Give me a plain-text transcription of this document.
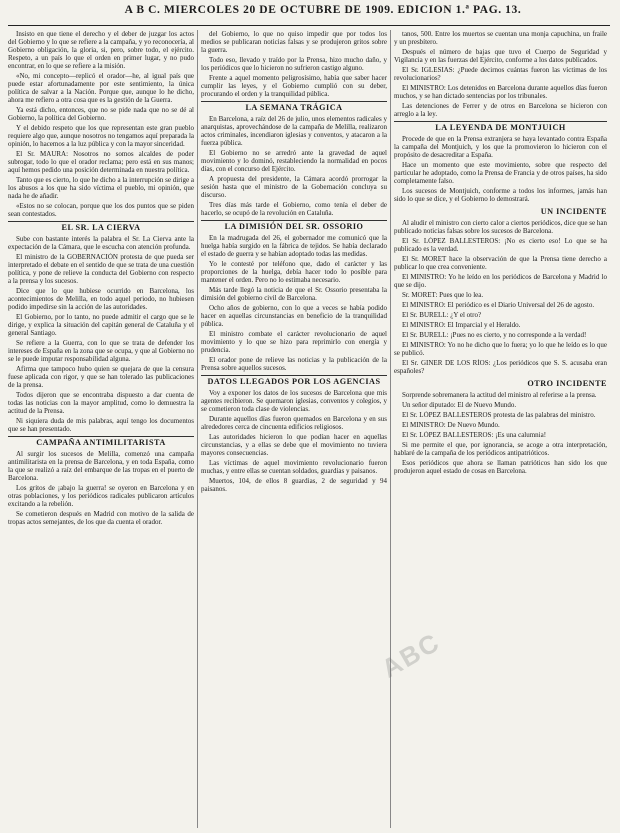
A B C. MIERCOLES 20 DE OCTUBRE DE 1909. EDICION 1.ª PAG. 13.
Insisto en que tiene el derecho y el deber de juzgar los actos del Gobierno y lo que se refiere a la campaña, y yo reconocería, al Gobierno obligación, la gloria, si, pero, sobre todo, el ejército. Respeto, a un país lo que el orden en primer lugar, y no pudo encontrar, en lo que se refiere a la misión.
«No, mi concepto—replicó el orador—he, al igual país que puede estar afortunadamente por este sentimiento, la única política de salvar a la Nación. Porque que, aunque lo he dicho, ahora me refiero a otra cosa que es la gestión de la Guerra.
Ya está dicho, entonces, que no se pide nada que no se dé al Gobierno, la política del Gobierno.
Y el debido respeto que los que representan este gran pueblo requiere algo que, aunque nosotros no tengamos aquí preparada la opinión, lo hacemos a la luz pública y con la mayor sinceridad.
El Sr. MAURA: Nosotros no somos alcaldes de poder subrogar, todo lo que el orador reclama; pero está en sus manos; aquí hemos pedido una posición determinada en nuestra política.
Tanto que es cierto, lo que he dicho a la interrupción se dirige a los abusos a los que ha sido víctima el pueblo, mi opinión, que nada he de añadir.
«Estos no se colocan, porque que los dos puntos que se piden sean contestados.
EL SR. LA CIERVA
Sube con bastante interés la palabra el Sr. La Cierva ante la expectación de la Cámara, que le escucha con atención profunda.
El ministro de la GOBERNACIÓN protesta de que pueda ser interpretado el debate en el sentido de que se trata de una cuestión política, y pone de relieve la conducta del Gobierno con respecto a la prensa y los sucesos.
Dice que lo que hubiese ocurrido en Barcelona, los acontecimientos de Melilla, en todo aquel periodo, no hubiesen podido impedirse sin la acción de las autoridades.
El Gobierno, por lo tanto, no puede admitir el cargo que se le dirige, y explica la situación del capitán general de Cataluña y el general Santiago.
Se refiere a la Guerra, con lo que se trata de defender los intereses de España en la zona que se ocupa, y que al Gobierno no se le puede imputar responsabilidad alguna.
Afirma que tampoco hubo quien se quejara de que la censura fuese aplicada con rigor, y que se han tolerado las publicaciones de la prensa.
Todos dijeron que se encontraba dispuesto a dar cuenta de todas las noticias con la mayor amplitud, como lo demuestra la actitud de la Prensa.
Ni siquiera duda de mis palabras, aquí tengo los documentos que se han presentado.
CAMPAÑA ANTIMILITARISTA
Al surgir los sucesos de Melilla, comenzó una campaña antimilitarista en la prensa de Barcelona, y en toda España, como la que se realizó a raíz del embarque de las tropas en el puerto de Barcelona.
Los gritos de ¡abajo la guerra! se oyeron en Barcelona y en otras poblaciones, y los periódicos radicales publicaron artículos excitando a la rebelión.
Se cometieron después en Madrid con motivo de la salida de tropas actos semejantes, de los que da cuenta el orador.
del Gobierno, lo que no quiso impedir que por todos los medios se publicaran noticias falsas y se produjeron gritos sobre la guerra.
Todo eso, llevado y traído por la Prensa, hizo mucho daño, y los periódicos que lo hicieron no sufrieron castigo alguno.
Frente a aquel momento peligrosísimo, había que saber hacer cumplir las leyes, y el Gobierno cumplió con su deber, procurando el orden y la tranquilidad pública.
LA SEMANA TRÁGICA
En Barcelona, a raíz del 26 de julio, unos elementos radicales y anarquistas, aprovechándose de la campaña de Melilla, realizaron actos criminales, incendiaron iglesias y conventos, y atacaron a la fuerza pública.
El Gobierno no se arredró ante la gravedad de aquel movimiento y lo dominó, restableciendo la normalidad en pocos días, con el concurso del Ejército.
A propuesta del presidente, la Cámara acordó prorrogar la sesión hasta que el ministro de la Gobernación concluya su discurso.
Tres días más tarde el Gobierno, como tenía el deber de hacerlo, se ocupó de la revolución en Cataluña.
LA DIMISIÓN DEL SR. OSSORIO
En la madrugada del 26, el gobernador me comunicó que la huelga había surgido en la fábrica de tejidos. Se había declarado el estado de guerra y se habían adoptado todas las medidas.
Yo le contesté por teléfono que, dado el carácter y las proporciones de la huelga, debía hacer todo lo posible para mantener el orden. Pero no lo estimaba necesario.
Más tarde llegó la noticia de que el Sr. Ossorio presentaba la dimisión del gobierno civil de Barcelona.
Ocho años de gobierno, con lo que a veces se había podido hacer en aquellas circunstancias en beneficio de la tranquilidad pública.
El ministro combate el carácter revolucionario de aquel movimiento y lo que se hizo para reprimirlo con energía y prudencia.
El orador pone de relieve las noticias y la publicación de la Prensa sobre aquellos sucesos.
DATOS LLEGADOS POR LOS AGENCIAS
Voy a exponer los datos de los sucesos de Barcelona que mis agentes recibieron. Se quemaron iglesias, conventos y colegios, y se cometieron toda clase de violencias.
Durante aquellos días fueron quemados en Barcelona y en sus alrededores cerca de cincuenta edificios religiosos.
Las autoridades hicieron lo que podían hacer en aquellas circunstancias, y a ellas se debe que el movimiento no tuviera mayores consecuencias.
Las víctimas de aquel movimiento revolucionario fueron muchas, y entre ellas se cuentan soldados, guardias y paisanos.
Muertos, 104, de ellos 8 guardias, 2 de seguridad y 94 paisanos.
tanos, 500. Entre los muertos se cuentan una monja capuchina, un fraile y un presbítero.
Después el número de bajas que tuvo el Cuerpo de Seguridad y Vigilancia y en las fuerzas del Ejército, conforme a los datos publicados.
El Sr. IGLESIAS: ¿Puede decirnos cuántas fueron las víctimas de los revolucionarios?
El MINISTRO: Los detenidos en Barcelona durante aquellos días fueron muchos, y se han dictado sentencias por los tribunales.
Las detenciones de Ferrer y de otros en Barcelona se hicieron con arreglo a la ley.
LA LEYENDA DE MONTJUICH
Procede de que en la Prensa extranjera se haya levantado contra España la campaña del Montjuich, y los que la promovieron lo hicieron con el propósito de desacreditar a España.
Hace un momento que este movimiento, sobre que respecto del particular he adoptado, como la Prensa de Francia y de otros países, ha sido completamente falso.
Los sucesos de Montjuich, conforme a todos los informes, jamás han sido lo que se dice, y el Gobierno lo demostrará.
UN INCIDENTE
Al aludir el ministro con cierto calor a ciertos periódicos, dice que se han publicado noticias falsas sobre los sucesos de Barcelona.
El Sr. LÓPEZ BALLESTEROS: ¡No es cierto eso! Lo que se ha publicado es la verdad.
El Sr. MORET hace la observación de que la Prensa tiene derecho a publicar lo que crea conveniente.
El MINISTRO: Yo he leído en los periódicos de Barcelona y Madrid lo que se dijo.
Sr. MORET: Pues que lo lea.
El MINISTRO: El periódico es el Diario Universal del 26 de agosto.
El Sr. BURELL: ¿Y el otro?
El MINISTRO: El Imparcial y el Heraldo.
El Sr. BURELL: ¡Pues no es cierto, y no corresponde a la verdad!
El MINISTRO: Yo no he dicho que lo fuera; yo lo que he leído es lo que se publicó.
El Sr. GINER DE LOS RÍOS: ¿Los periódicos que S. S. acusaba eran españoles?
OTRO INCIDENTE
Sorprende sobremanera la actitud del ministro al referirse a la prensa.
Un señor diputado: El de Nuevo Mundo.
El Sr. LÓPEZ BALLESTEROS protesta de las palabras del ministro.
El MINISTRO: De Nuevo Mundo.
El Sr. LÓPEZ BALLESTEROS: ¡Es una calumnia!
Si me permite el que, por ignorancia, se acoge a otra interpretación, hablaré de la campaña de los periódicos antipatrióticos.
Esos periódicos que ahora se llaman patrióticos han sido los que produjeron aquel estado de cosas en Barcelona.
ABC
